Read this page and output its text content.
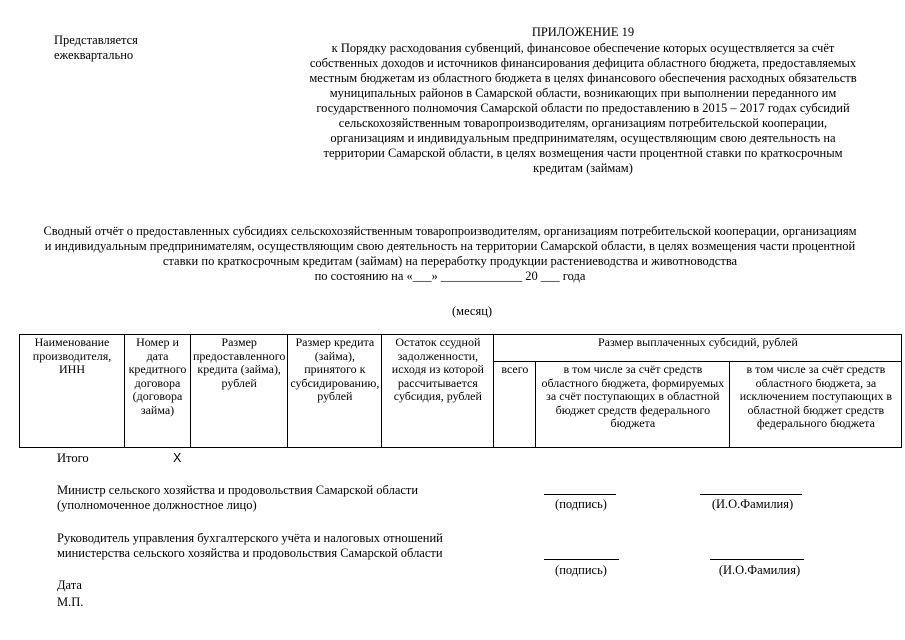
Представляется ежеквартально
ПРИЛОЖЕНИЕ 19
к Порядку расходования субвенций, финансовое обеспечение которых осуществляется за счёт собственных доходов и источников финансирования дефицита областного бюджета, предоставляемых местным бюджетам из областного бюджета в целях финансового обеспечения расходных обязательств муниципальных районов в Самарской области, возникающих при выполнении переданного им государственного полномочия Самарской области по предоставлению в 2015 – 2017 годах субсидий сельскохозяйственным товаропроизводителям, организациям потребительской кооперации, организациям и индивидуальным предпринимателям, осуществляющим свою деятельность на территории Самарской области, в целях возмещения части процентной ставки по краткосрочным кредитам (займам)
Сводный отчёт о предоставленных субсидиях сельскохозяйственным товаропроизводителям, организациям потребительской кооперации, организациям и индивидуальным предпринимателям, осуществляющим свою деятельность на территории Самарской области, в целях возмещения части процентной ставки по краткосрочным кредитам (займам) на переработку продукции растениеводства и животноводства
по состоянию на «___» _____________ 20 ___ года
(месяц)
Наименование производителя, ИНН	Номер и дата кредитного договора (договора займа)	Размер предоставленного кредита (займа), рублей	Размер кредита (займа), принятого к субсидированию, рублей	Остаток ссудной задолженности, исходя из которой рассчитывается субсидия, рублей	Размер выплаченных субсидий, рублей		
					всего	в том числе за счёт средств областного бюджета, формируемых за счёт поступающих в областной бюджет средств федерального бюджета	в том числе за счёт средств областного бюджета, за исключением поступающих в областной бюджет средств федерального бюджета
Итого	Х
Министр сельского хозяйства и продовольствия Самарской области (уполномоченное должностное лицо)	(подпись)	(И.О.Фамилия)
Руководитель управления бухгалтерского учёта и налоговых отношений министерства сельского хозяйства и продовольствия Самарской области
(подпись)	(И.О.Фамилия)
Дата
М.П.
